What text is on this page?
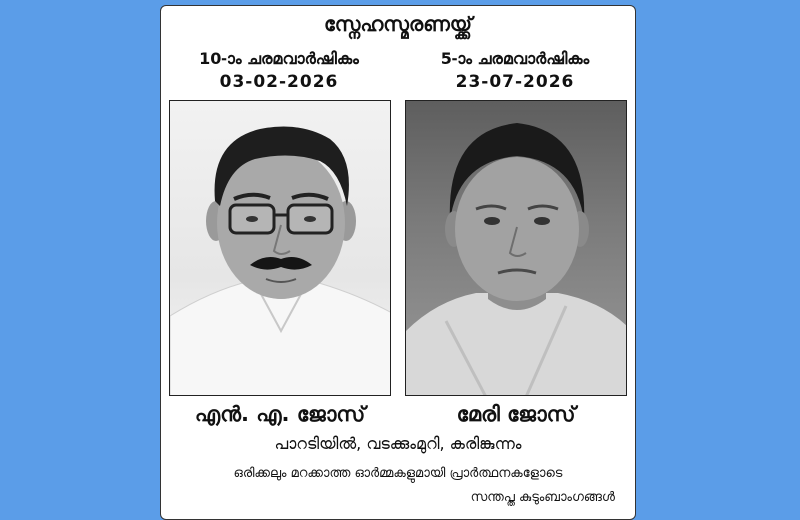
സ്നേഹസ്മരണയ്ക്ക്
10-ാം ചരമവാർഷികം
03-02-2026
5-ാം ചരമവാർഷികം
23-07-2026
എൻ. എ. ജോസ്	മേരി ജോസ്
പാറടിയിൽ, വടക്കുംമുറി, കരിങ്കുന്നം
ഒരിക്കലും മറക്കാത്ത ഓർമ്മകളുമായി പ്രാർത്ഥനകളോടെ
സന്തപ്ത കുടുംബാംഗങ്ങൾ
